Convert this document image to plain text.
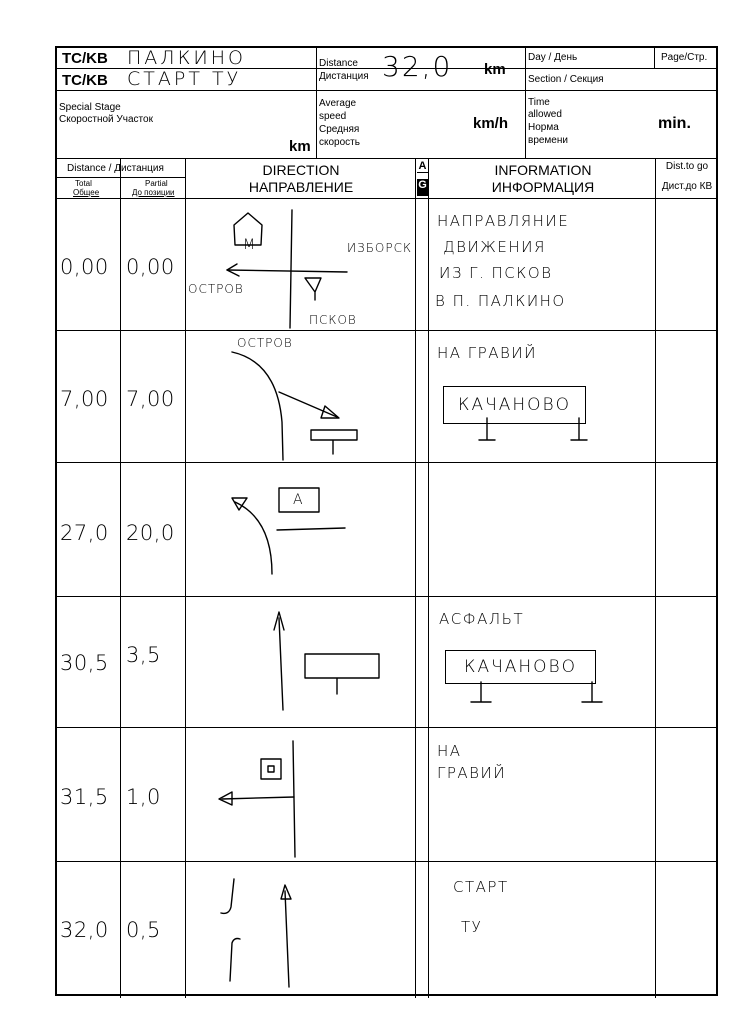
TC/KB ПАЛКИНО
TC/KB СТАРТ ТУ
Distance
Дистанция 32,0 km
Day / День	Page/Стр.
Section / Секция
Special Stage
Скоростной Участок
km
Average
speed
Средняя
скорость
km/h
Time
allowed
Норма
времени
min.
Distance / Дистанция
Total
Общее
Partial
До позиции
DIRECTION
НАПРАВЛЕНИЕ
A
G
INFORMATION
ИНФОРМАЦИЯ
Dist.to go
Дист.до КВ
0,00 0,00
М	ИЗБОРСК
ОСТРОВ
ПСКОВ
НАПРАВЛЯНИЕ
ДВИЖЕНИЯ
ИЗ Г. ПСКОВ
В П. ПАЛКИНО
7,00 7,00
ОСТРОВ
НА ГРАВИЙ
КАЧАНОВО
27,0 20,0
А
30,5 3,5
АСФАЛЬТ
КАЧАНОВО
31,5 1,0
НА
ГРАВИЙ
32,0 0,5
СТАРТ
ТУ
